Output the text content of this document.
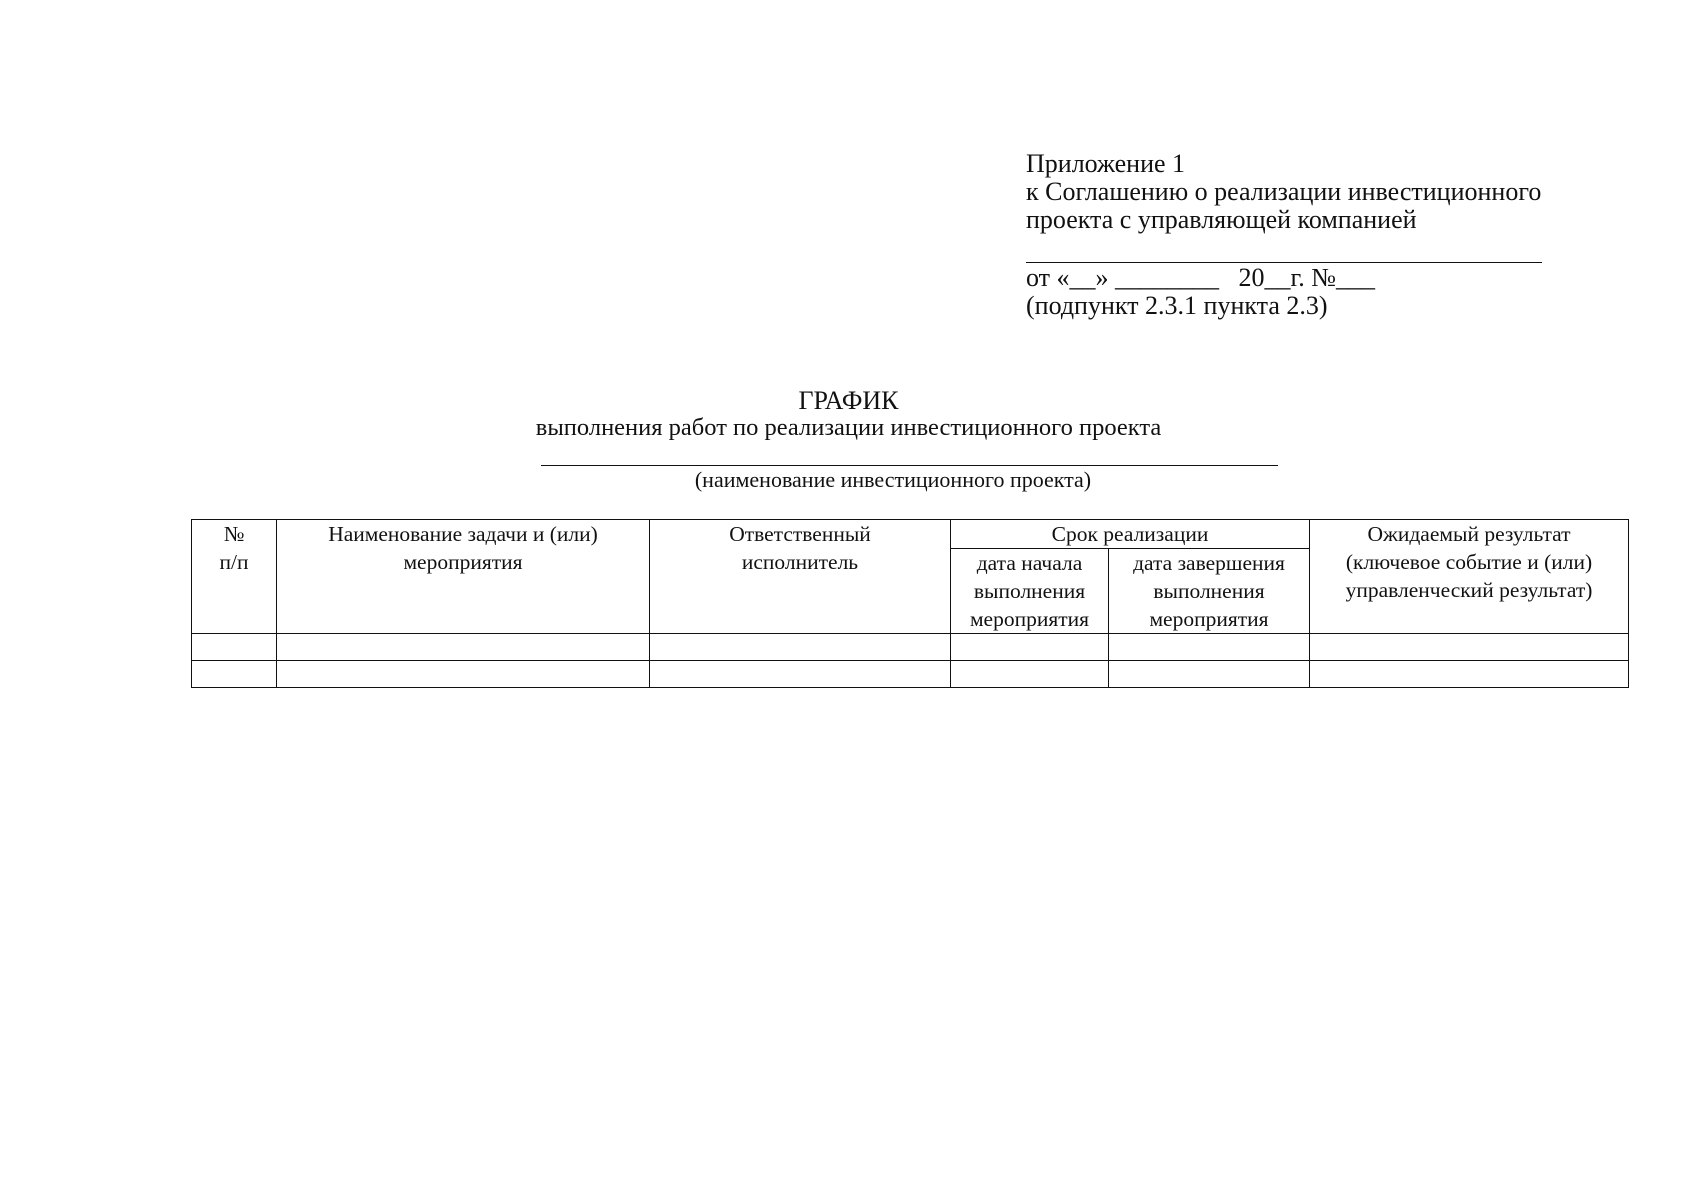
Приложение 1
к Соглашению о реализации инвестиционного
проекта с управляющей компанией
от «__» ________   20__г. №___
(подпункт 2.3.1 пункта 2.3)
ГРАФИК
выполнения работ по реализации инвестиционного проекта
(наименование инвестиционного проекта)
№ п/п	Наименование задачи и (или) мероприятия	Ответственный исполнитель	Срок реализации		Ожидаемый результат (ключевое событие и (или) управленческий результат)

			дата начала выполнения мероприятия	дата завершения выполнения мероприятия	
